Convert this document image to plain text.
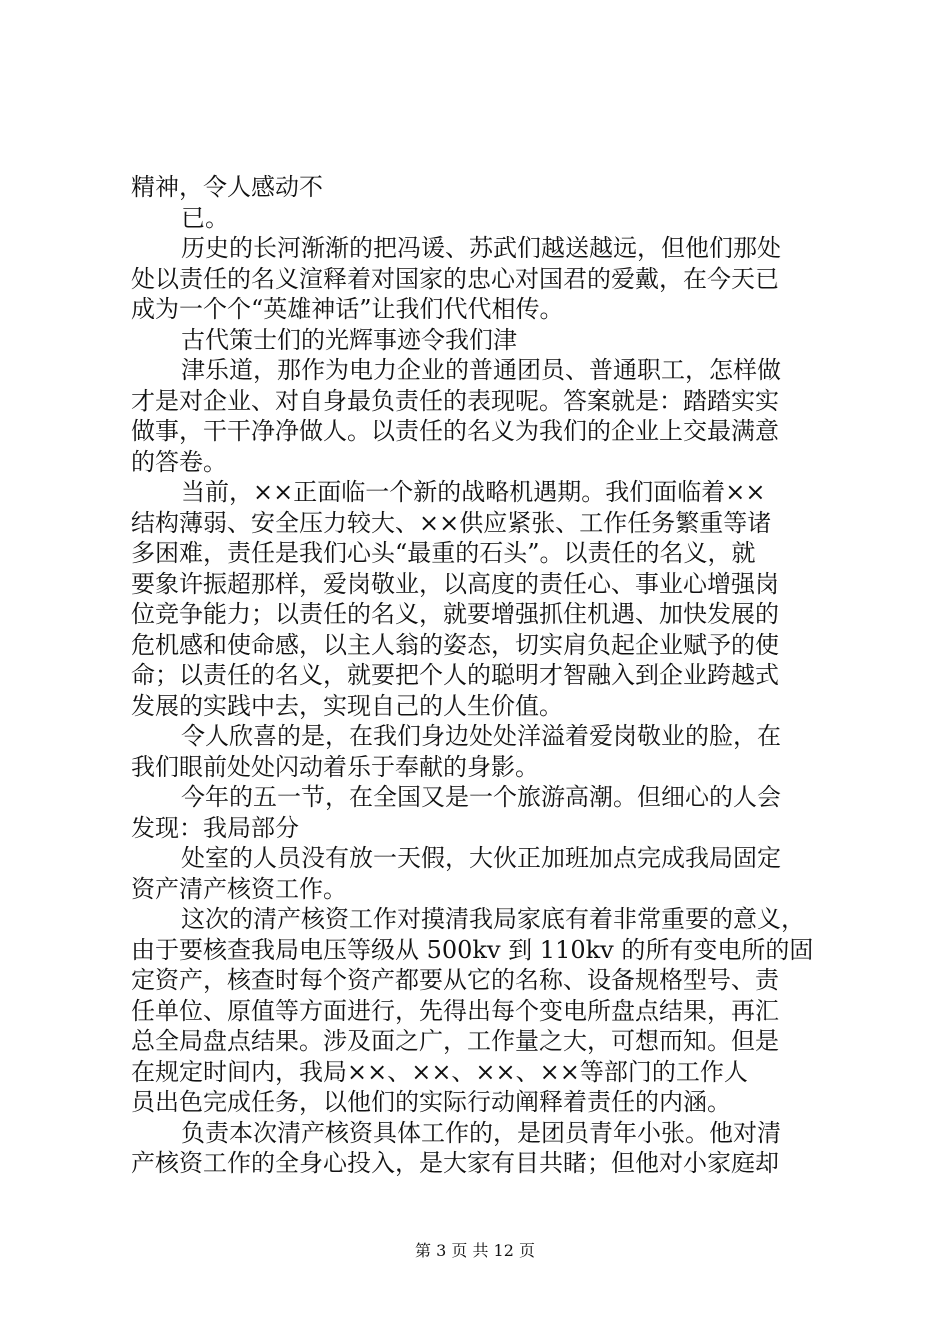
精神，令人感动不
已。
历史的长河渐渐的把冯谖、苏武们越送越远，但他们那处
处以责任的名义渲释着对国家的忠心对国君的爱戴，在今天已
成为一个个“英雄神话”让我们代代相传。
古代策士们的光辉事迹令我们津
津乐道，那作为电力企业的普通团员、普通职工，怎样做
才是对企业、对自身最负责任的表现呢。答案就是：踏踏实实
做事，干干净净做人。以责任的名义为我们的企业上交最满意
的答卷。
当前，××正面临一个新的战略机遇期。我们面临着××
结构薄弱、安全压力较大、××供应紧张、工作任务繁重等诸
多困难，责任是我们心头“最重的石头”。以责任的名义，就
要象许振超那样，爱岗敬业，以高度的责任心、事业心增强岗
位竞争能力；以责任的名义，就要增强抓住机遇、加快发展的
危机感和使命感，以主人翁的姿态，切实肩负起企业赋予的使
命；以责任的名义，就要把个人的聪明才智融入到企业跨越式
发展的实践中去，实现自己的人生价值。
令人欣喜的是，在我们身边处处洋溢着爱岗敬业的脸，在
我们眼前处处闪动着乐于奉献的身影。
今年的五一节，在全国又是一个旅游高潮。但细心的人会
发现：我局部分
处室的人员没有放一天假，大伙正加班加点完成我局固定
资产清产核资工作。
这次的清产核资工作对摸清我局家底有着非常重要的意义，
由于要核查我局电压等级从 500kv 到 110kv 的所有变电所的固
定资产，核查时每个资产都要从它的名称、设备规格型号、责
任单位、原值等方面进行，先得出每个变电所盘点结果，再汇
总全局盘点结果。涉及面之广，工作量之大，可想而知。但是
在规定时间内，我局××、××、××、××等部门的工作人
员出色完成任务，以他们的实际行动阐释着责任的内涵。
负责本次清产核资具体工作的，是团员青年小张。他对清
产核资工作的全身心投入，是大家有目共睹；但他对小家庭却
第 3 页 共 12 页
